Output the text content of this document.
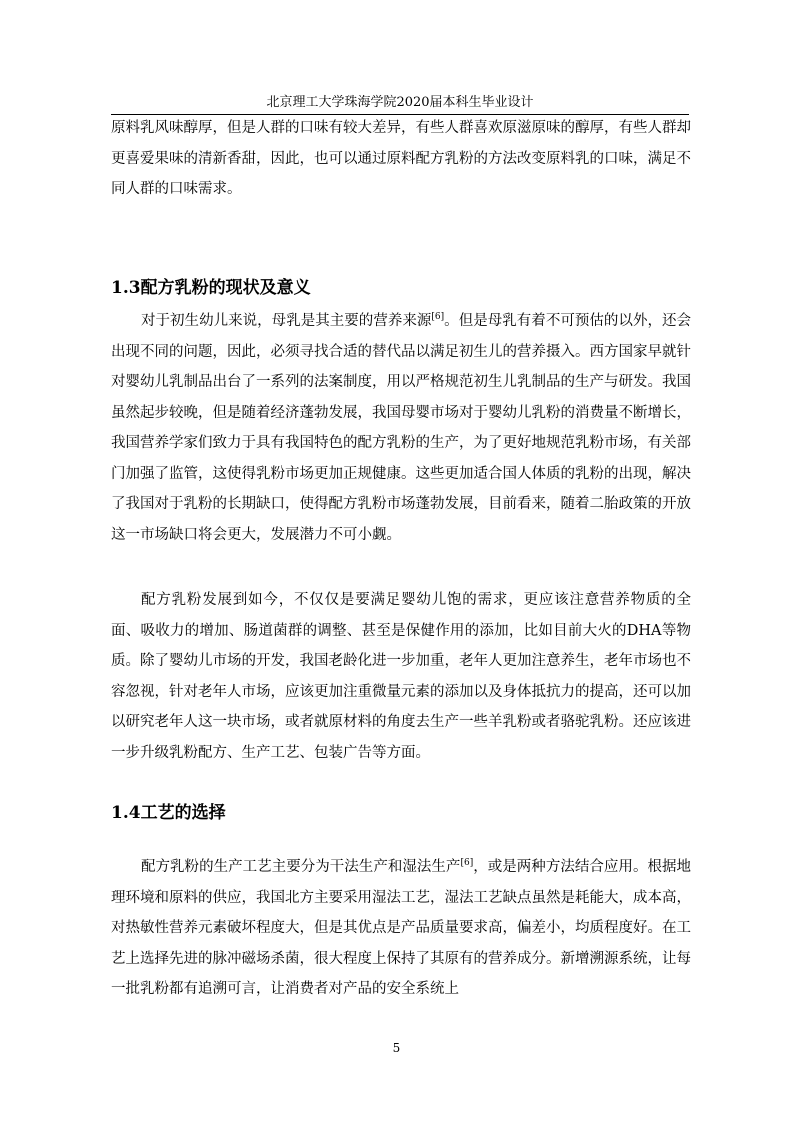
北京理工大学珠海学院2020届本科生毕业设计

原料乳风味醇厚，但是人群的口味有较大差异，有些人群喜欢原滋原味的醇厚，有些人群却更喜爱果味的清新香甜，因此，也可以通过原料配方乳粉的方法改变原料乳的口味，满足不同人群的口味需求。

1.3配方乳粉的现状及意义

对于初生幼儿来说，母乳是其主要的营养来源[6]。但是母乳有着不可预估的以外，还会出现不同的问题，因此，必须寻找合适的替代品以满足初生儿的营养摄入。西方国家早就针对婴幼儿乳制品出台了一系列的法案制度，用以严格规范初生儿乳制品的生产与研发。我国虽然起步较晚，但是随着经济蓬勃发展，我国母婴市场对于婴幼儿乳粉的消费量不断增长，我国营养学家们致力于具有我国特色的配方乳粉的生产，为了更好地规范乳粉市场，有关部门加强了监管，这使得乳粉市场更加正规健康。这些更加适合国人体质的乳粉的出现，解决了我国对于乳粉的长期缺口，使得配方乳粉市场蓬勃发展，目前看来，随着二胎政策的开放这一市场缺口将会更大，发展潜力不可小觑。

配方乳粉发展到如今，不仅仅是要满足婴幼儿饱的需求，更应该注意营养物质的全面、吸收力的增加、肠道菌群的调整、甚至是保健作用的添加，比如目前大火的DHA等物质。除了婴幼儿市场的开发，我国老龄化进一步加重，老年人更加注意养生，老年市场也不容忽视，针对老年人市场，应该更加注重微量元素的添加以及身体抵抗力的提高，还可以加以研究老年人这一块市场，或者就原材料的角度去生产一些羊乳粉或者骆驼乳粉。还应该进一步升级乳粉配方、生产工艺、包装广告等方面。

1.4工艺的选择

配方乳粉的生产工艺主要分为干法生产和湿法生产[6]，或是两种方法结合应用。根据地理环境和原料的供应，我国北方主要采用湿法工艺，湿法工艺缺点虽然是耗能大，成本高，对热敏性营养元素破坏程度大，但是其优点是产品质量要求高，偏差小，均质程度好。在工艺上选择先进的脉冲磁场杀菌，很大程度上保持了其原有的营养成分。新增溯源系统，让每一批乳粉都有追溯可言，让消费者对产品的安全系统上

5
